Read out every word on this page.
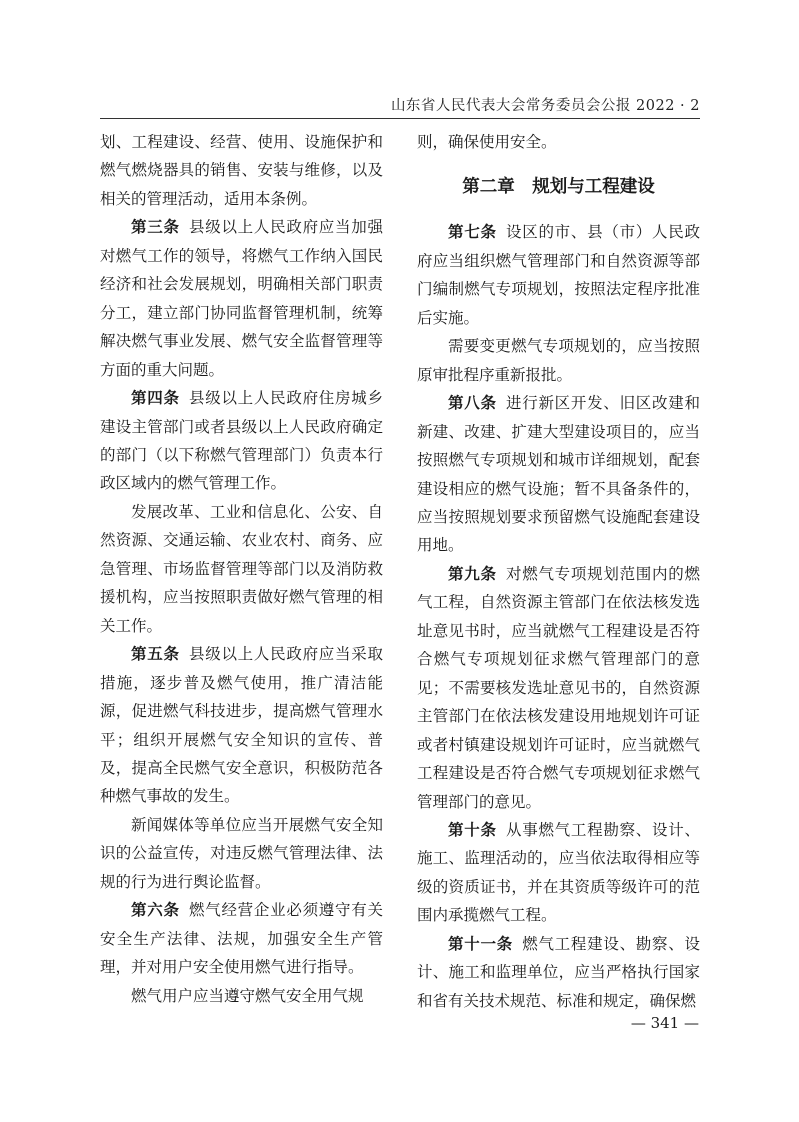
山东省人民代表大会常务委员会公报 2022 · 2

划、工程建设、经营、使用、设施保护和燃气燃烧器具的销售、安装与维修，以及相关的管理活动，适用本条例。

第三条 县级以上人民政府应当加强对燃气工作的领导，将燃气工作纳入国民经济和社会发展规划，明确相关部门职责分工，建立部门协同监督管理机制，统筹解决燃气事业发展、燃气安全监督管理等方面的重大问题。

第四条 县级以上人民政府住房城乡建设主管部门或者县级以上人民政府确定的部门（以下称燃气管理部门）负责本行政区域内的燃气管理工作。

发展改革、工业和信息化、公安、自然资源、交通运输、农业农村、商务、应急管理、市场监督管理等部门以及消防救援机构，应当按照职责做好燃气管理的相关工作。

第五条 县级以上人民政府应当采取措施，逐步普及燃气使用，推广清洁能源，促进燃气科技进步，提高燃气管理水平；组织开展燃气安全知识的宣传、普及，提高全民燃气安全意识，积极防范各种燃气事故的发生。

新闻媒体等单位应当开展燃气安全知识的公益宣传，对违反燃气管理法律、法规的行为进行舆论监督。

第六条 燃气经营企业必须遵守有关安全生产法律、法规，加强安全生产管理，并对用户安全使用燃气进行指导。

燃气用户应当遵守燃气安全用气规

则，确保使用安全。

第二章　规划与工程建设

第七条 设区的市、县（市）人民政府应当组织燃气管理部门和自然资源等部门编制燃气专项规划，按照法定程序批准后实施。

需要变更燃气专项规划的，应当按照原审批程序重新报批。

第八条 进行新区开发、旧区改建和新建、改建、扩建大型建设项目的，应当按照燃气专项规划和城市详细规划，配套建设相应的燃气设施；暂不具备条件的，应当按照规划要求预留燃气设施配套建设用地。

第九条 对燃气专项规划范围内的燃气工程，自然资源主管部门在依法核发选址意见书时，应当就燃气工程建设是否符合燃气专项规划征求燃气管理部门的意见；不需要核发选址意见书的，自然资源主管部门在依法核发建设用地规划许可证或者村镇建设规划许可证时，应当就燃气工程建设是否符合燃气专项规划征求燃气管理部门的意见。

第十条 从事燃气工程勘察、设计、施工、监理活动的，应当依法取得相应等级的资质证书，并在其资质等级许可的范围内承揽燃气工程。

第十一条 燃气工程建设、勘察、设计、施工和监理单位，应当严格执行国家和省有关技术规范、标准和规定，确保燃

— 341 —
